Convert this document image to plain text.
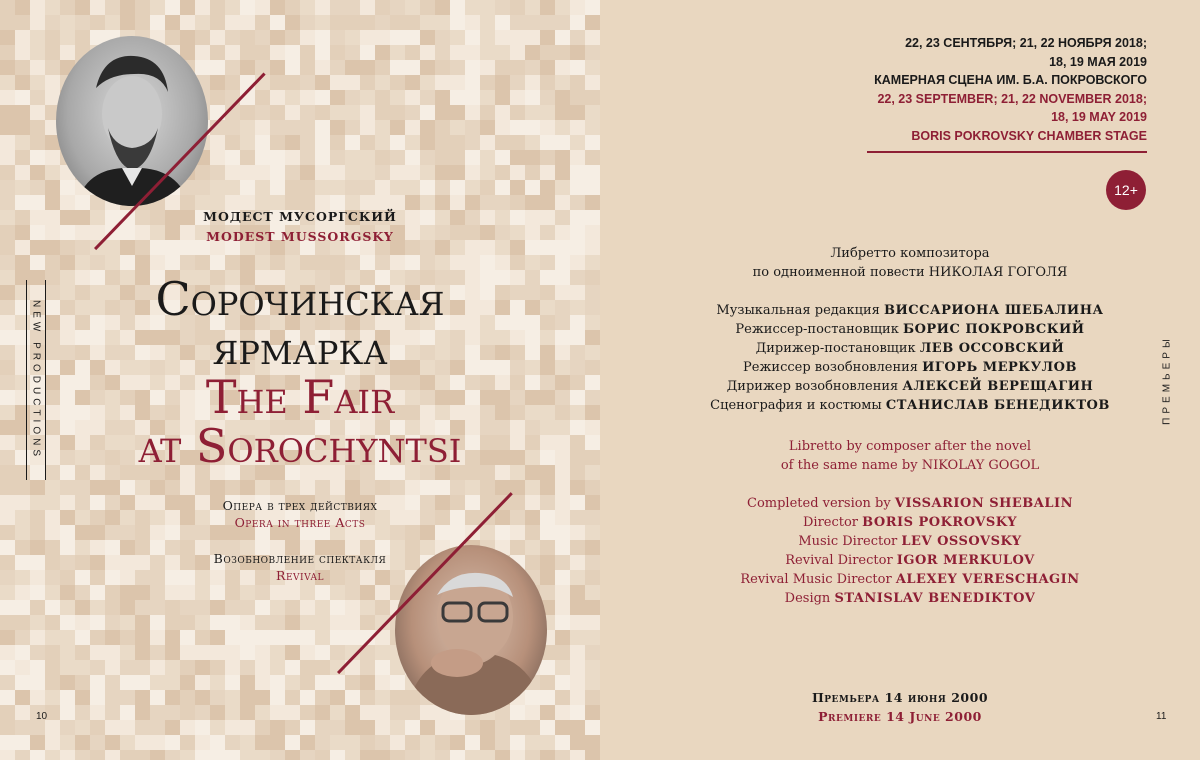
NEW PRODUCTIONS
МОДЕСТ МУСОРГСКИЙ
MODEST MUSSORGSKY
Сорочинская
ярмарка
The Fair
at Sorochyntsi
Опера в трех действиях
Opera in three Acts
Возобновление спектакля
Revival
10
22, 23 СЕНТЯБРЯ; 21, 22 НОЯБРЯ 2018;
18, 19 МАЯ 2019
КАМЕРНАЯ СЦЕНА ИМ. Б.А. ПОКРОВСКОГО
22, 23 SEPTEMBER; 21, 22 NOVEMBER 2018;
18, 19 MAY 2019
BORIS POKROVSKY CHAMBER STAGE
12+
ПРЕМЬЕРЫ
Либретто композитора
по одноименной повести НИКОЛАЯ ГОГОЛЯ
Музыкальная редакция ВИССАРИОНА ШЕБАЛИНА
Режиссер-постановщик БОРИС ПОКРОВСКИЙ
Дирижер-постановщик ЛЕВ ОССОВСКИЙ
Режиссер возобновления ИГОРЬ МЕРКУЛОВ
Дирижер возобновления АЛЕКСЕЙ ВЕРЕЩАГИН
Сценография и костюмы СТАНИСЛАВ БЕНЕДИКТОВ
Libretto by composer after the novel
of the same name by NIKOLAY GOGOL
Completed version by VISSARION SHEBALIN
Director BORIS POKROVSKY
Music Director LEV OSSOVSKY
Revival Director IGOR MERKULOV
Revival Music Director ALEXEY VERESCHAGIN
Design STANISLAV BENEDIKTOV
Премьера 14 июня 2000
Premiere 14 June 2000	11
